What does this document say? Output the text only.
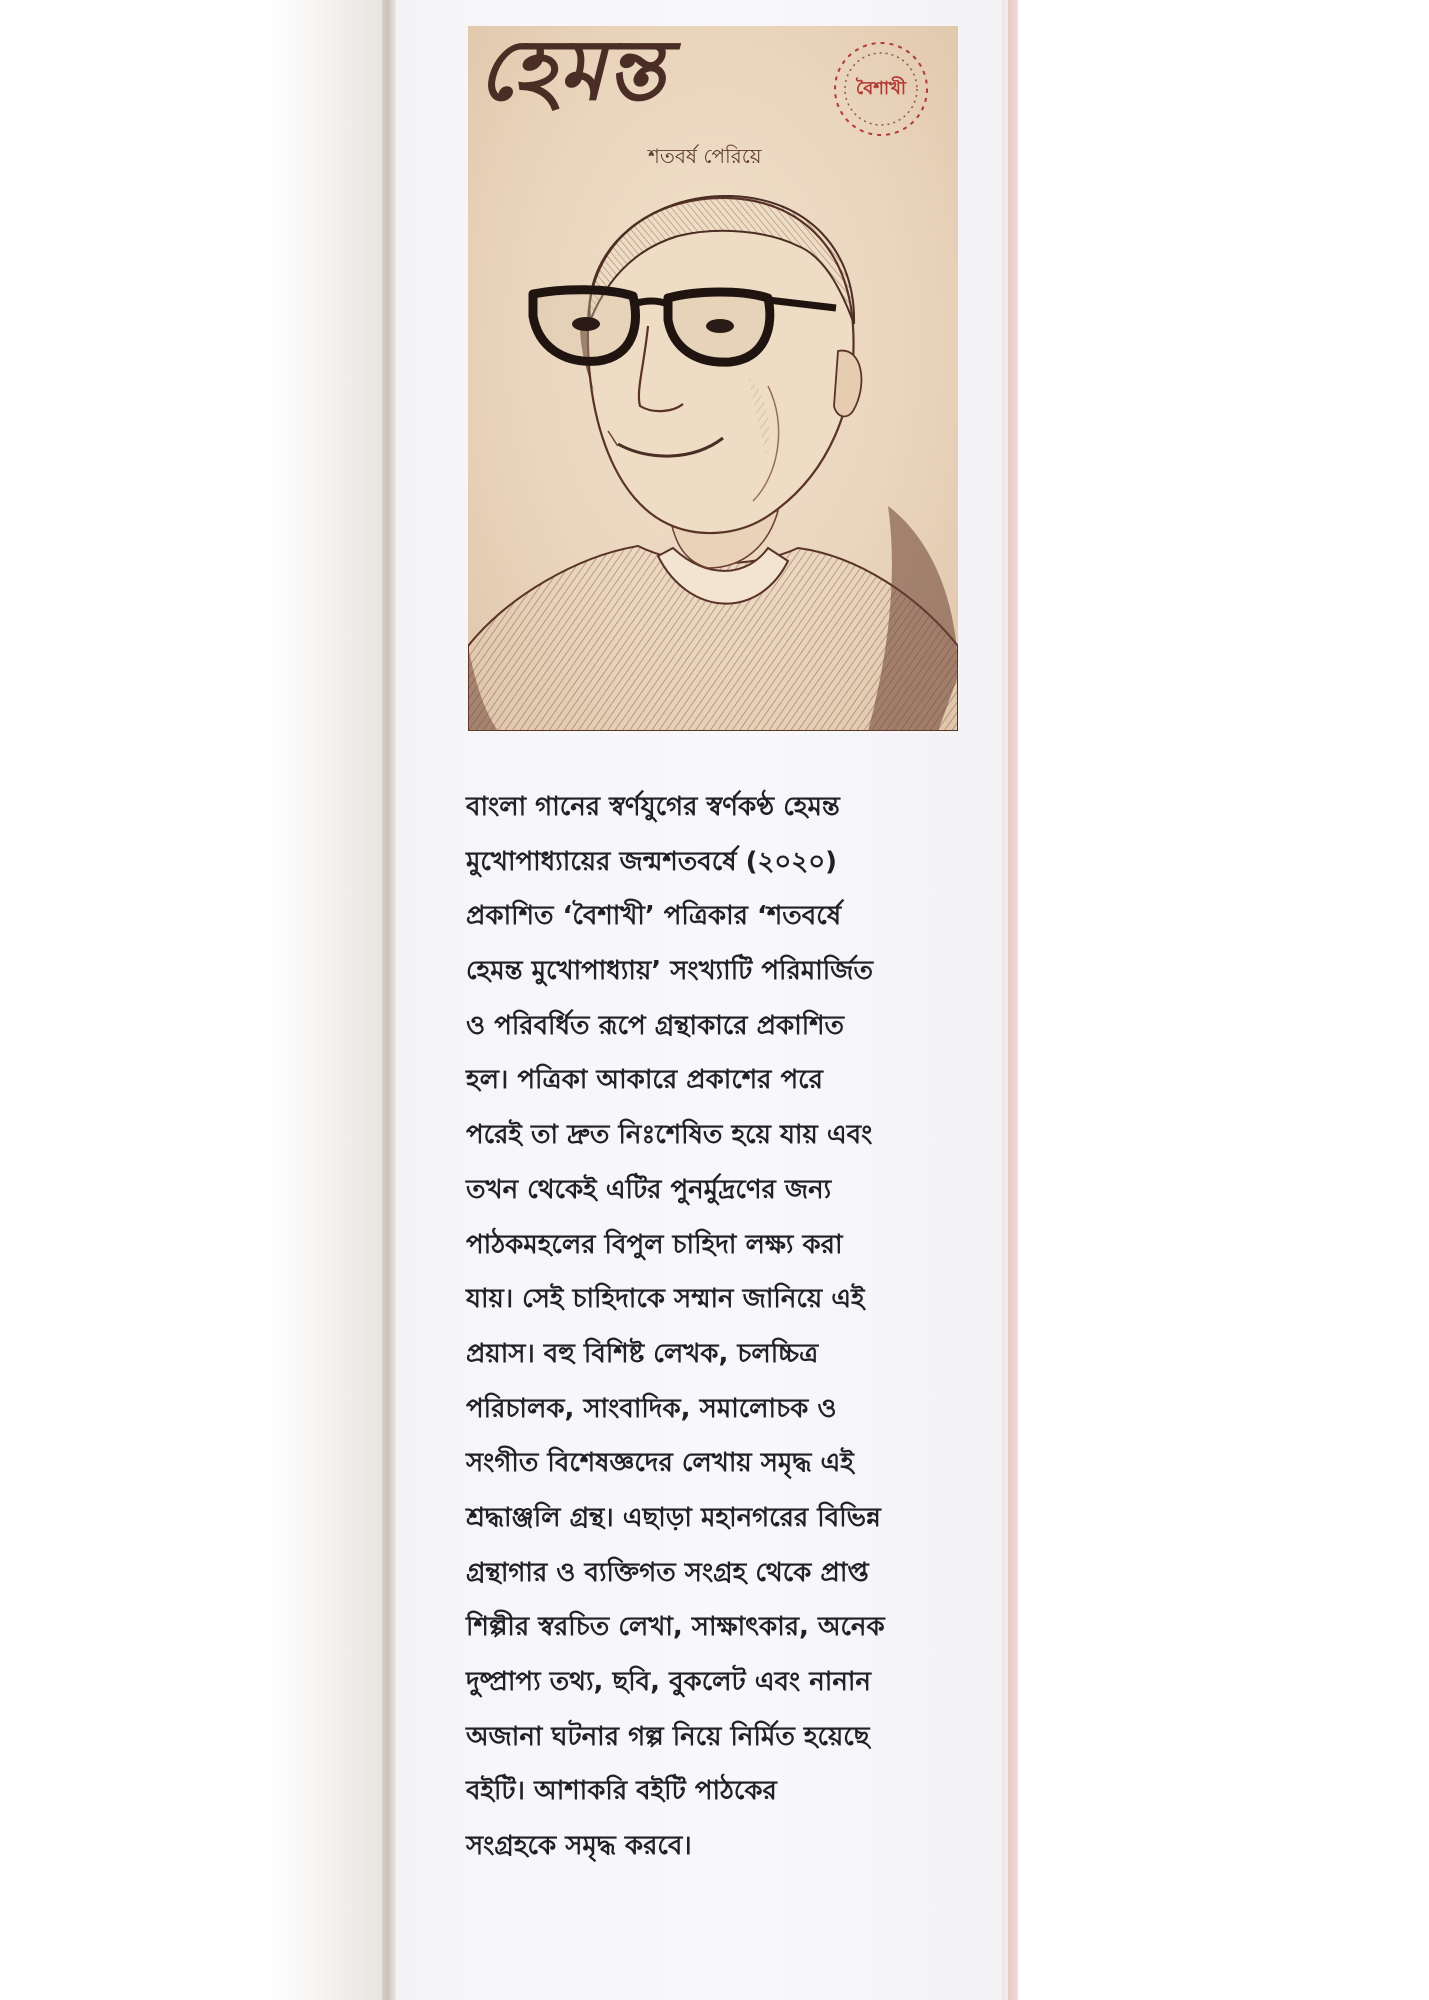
হেমন্ত

শতবর্ষ পেরিয়ে

বৈশাখী

বাংলা গানের স্বর্ণযুগের স্বর্ণকণ্ঠ হেমন্ত
মুখোপাধ্যায়ের জন্মশতবর্ষে (২০২০)
প্রকাশিত ‘বৈশাখী’ পত্রিকার ‘শতবর্ষে
হেমন্ত মুখোপাধ্যায়’ সংখ্যাটি পরিমার্জিত
ও পরিবর্ধিত রূপে গ্রন্থাকারে প্রকাশিত
হল। পত্রিকা আকারে প্রকাশের পরে
পরেই তা দ্রুত নিঃশেষিত হয়ে যায় এবং
তখন থেকেই এটির পুনর্মুদ্রণের জন্য
পাঠকমহলের বিপুল চাহিদা লক্ষ্য করা
যায়। সেই চাহিদাকে সম্মান জানিয়ে এই
প্রয়াস। বহু বিশিষ্ট লেখক, চলচ্চিত্র
পরিচালক, সাংবাদিক, সমালোচক ও
সংগীত বিশেষজ্ঞদের লেখায় সমৃদ্ধ এই
শ্রদ্ধাঞ্জলি গ্রন্থ। এছাড়া মহানগরের বিভিন্ন
গ্রন্থাগার ও ব্যক্তিগত সংগ্রহ থেকে প্রাপ্ত
শিল্পীর স্বরচিত লেখা, সাক্ষাৎকার, অনেক
দুষ্প্রাপ্য তথ্য, ছবি, বুকলেট এবং নানান
অজানা ঘটনার গল্প নিয়ে নির্মিত হয়েছে
বইটি। আশাকরি বইটি পাঠকের
সংগ্রহকে সমৃদ্ধ করবে।
